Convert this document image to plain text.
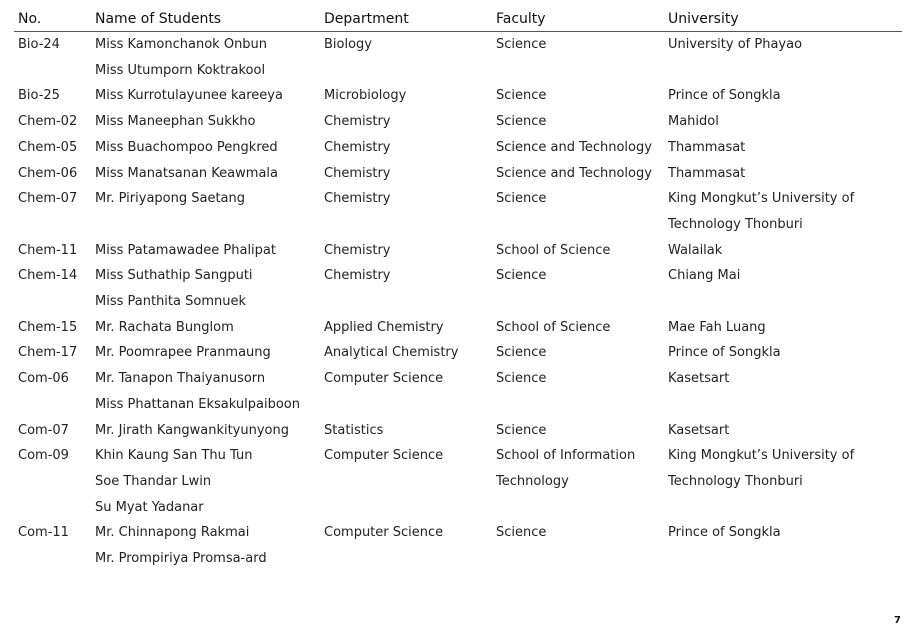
No.	Name of Students	Department	Faculty	University
Bio-24	Miss Kamonchanok Onbun	Biology	Science	University of Phayao
	Miss Utumporn Koktrakool			
Bio-25	Miss Kurrotulayunee kareeya	Microbiology	Science	Prince of Songkla
Chem-02	Miss Maneephan Sukkho	Chemistry	Science	Mahidol
Chem-05	Miss Buachompoo Pengkred	Chemistry	Science and Technology	Thammasat
Chem-06	Miss Manatsanan Keawmala	Chemistry	Science and Technology	Thammasat
Chem-07	Mr. Piriyapong Saetang	Chemistry	Science	King Mongkut’s University of
				Technology Thonburi
Chem-11	Miss Patamawadee Phalipat	Chemistry	School of Science	Walailak
Chem-14	Miss Suthathip Sangputi	Chemistry	Science	Chiang Mai
	Miss Panthita Somnuek			
Chem-15	Mr. Rachata Bunglom	Applied Chemistry	School of Science	Mae Fah Luang
Chem-17	Mr. Poomrapee Pranmaung	Analytical Chemistry	Science	Prince of Songkla
Com-06	Mr. Tanapon Thaiyanusorn	Computer Science	Science	Kasetsart
	Miss Phattanan Eksakulpaiboon			
Com-07	Mr. Jirath Kangwankityunyong	Statistics	Science	Kasetsart
Com-09	Khin Kaung San Thu Tun	Computer Science	School of Information	King Mongkut’s University of
	Soe Thandar Lwin		Technology	Technology Thonburi
	Su Myat Yadanar			
Com-11	Mr. Chinnapong Rakmai	Computer Science	Science	Prince of Songkla
	Mr. Prompiriya Promsa-ard			
7
